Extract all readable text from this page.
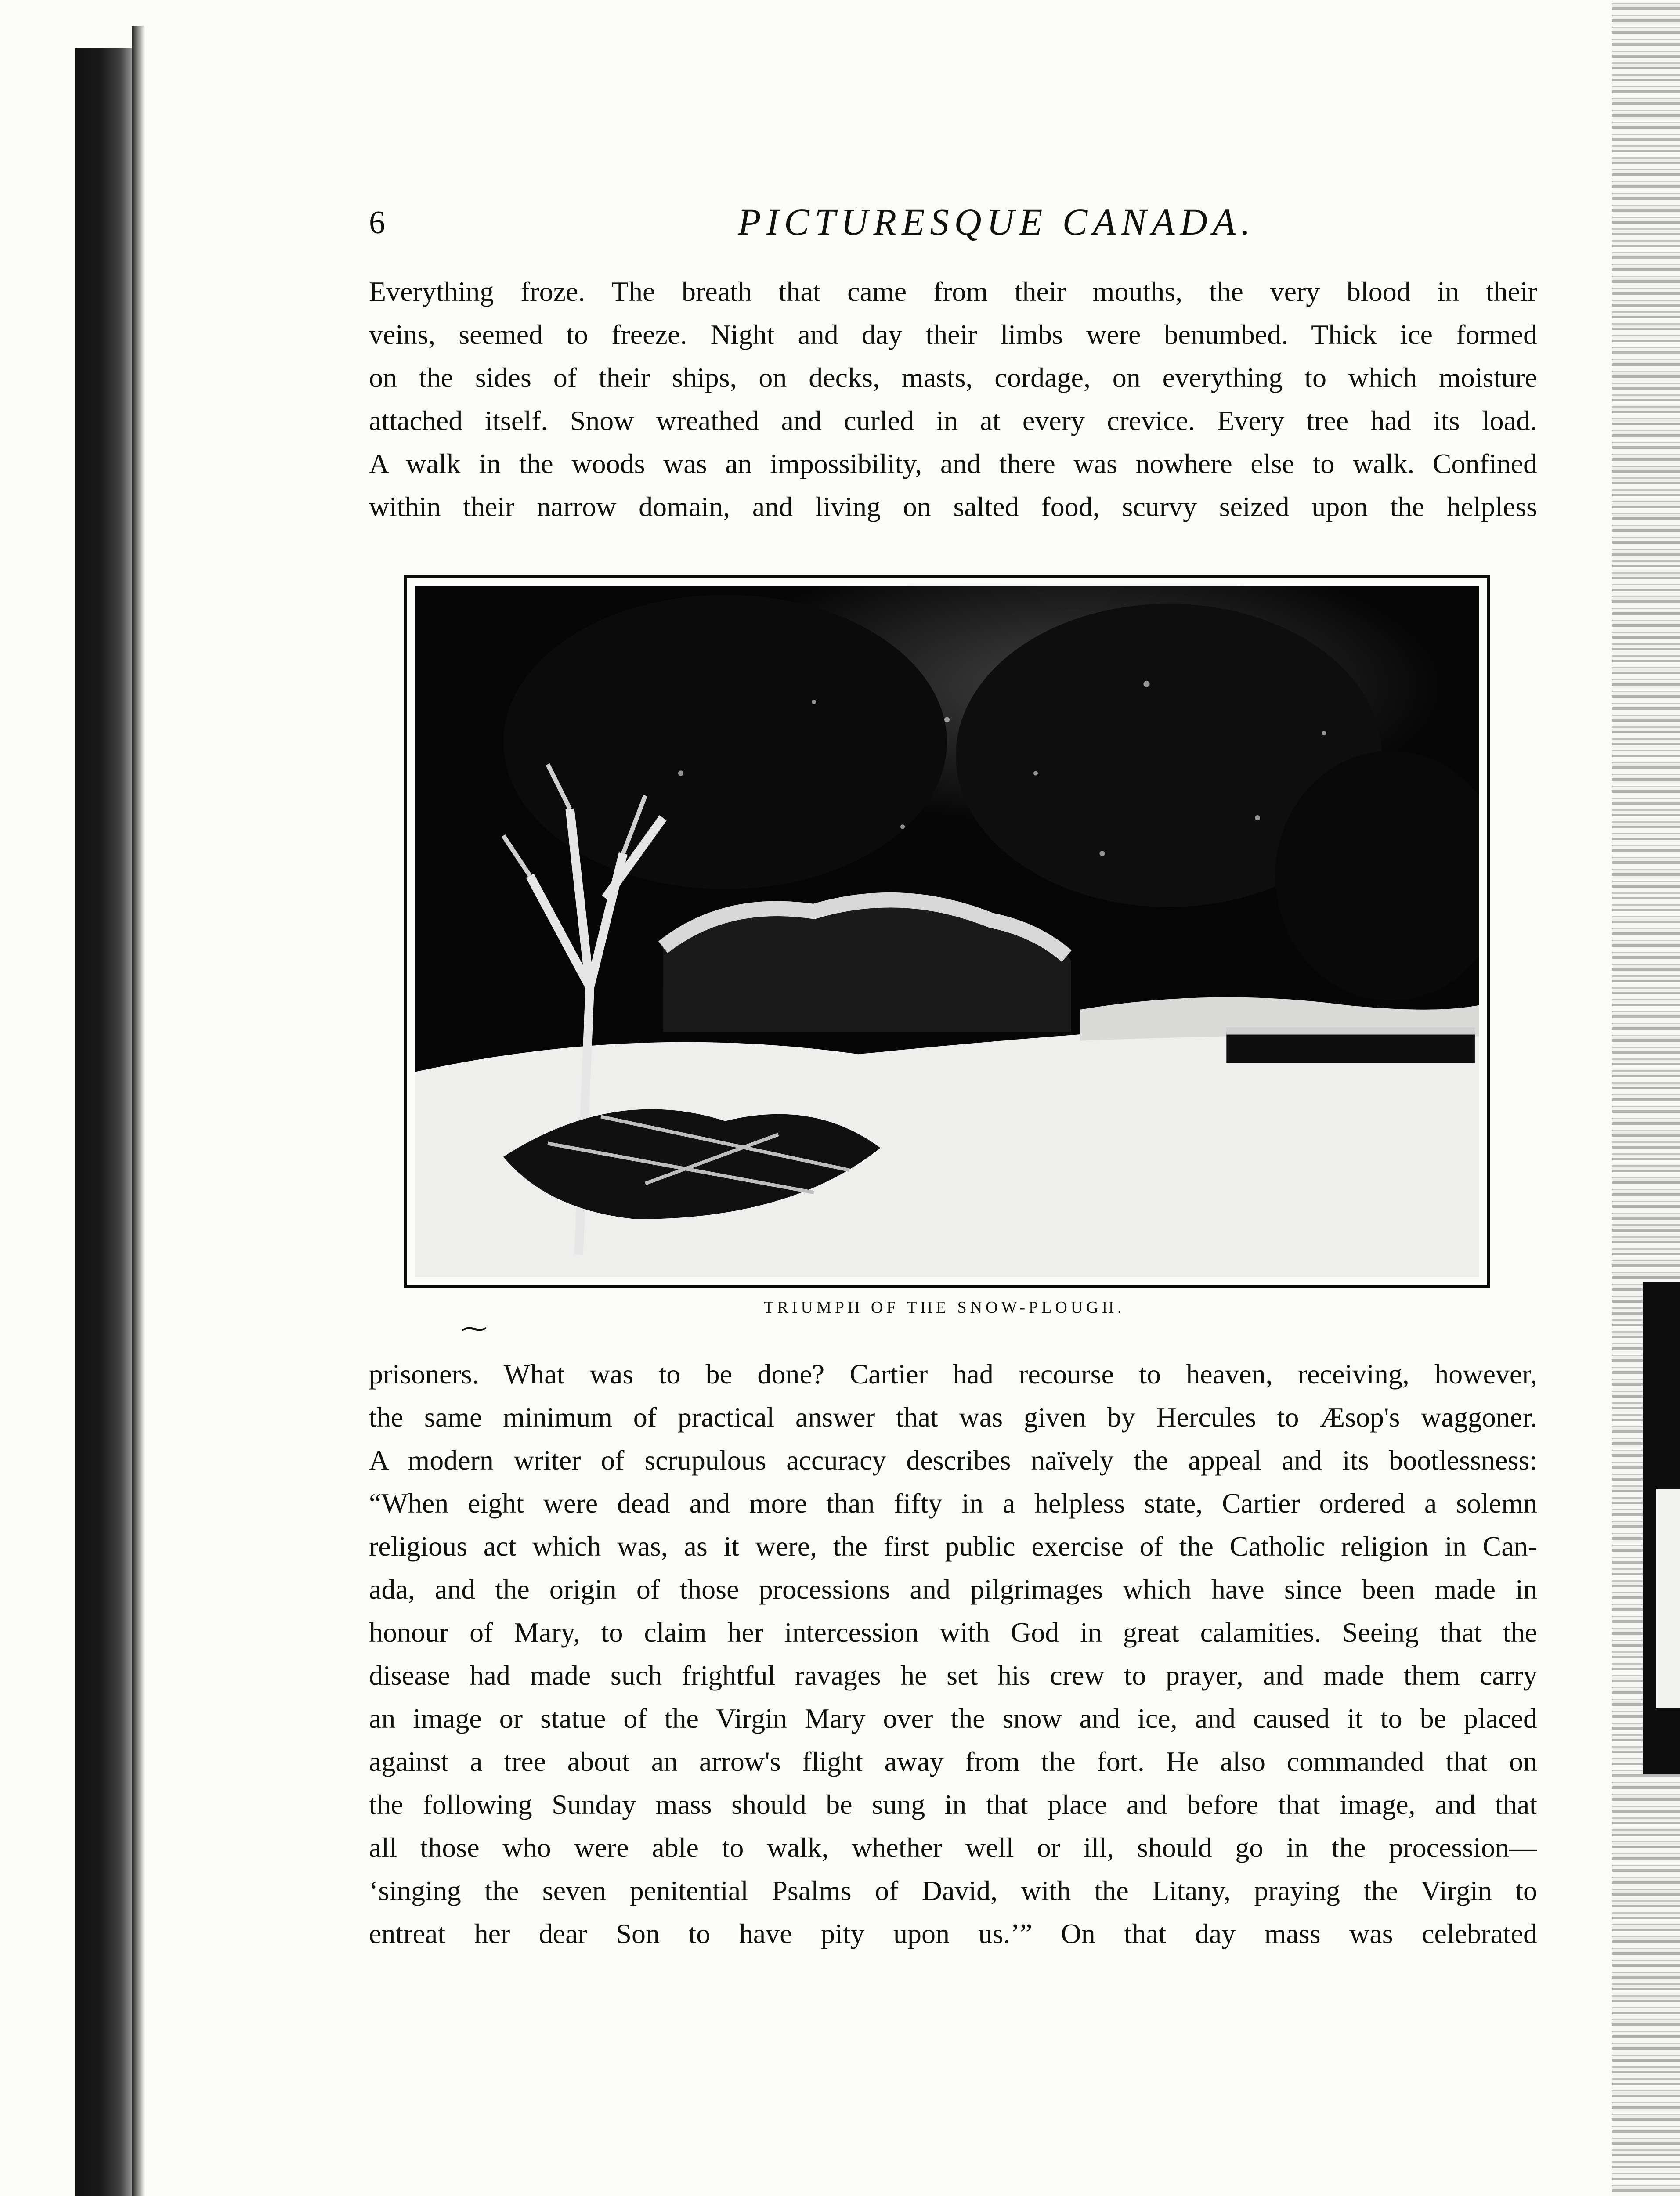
6	PICTURESQUE CANADA.
Everything froze. The breath that came from their mouths, the very blood in their
veins, seemed to freeze. Night and day their limbs were benumbed. Thick ice formed
on the sides of their ships, on decks, masts, cordage, on everything to which moisture
attached itself. Snow wreathed and curled in at every crevice. Every tree had its load.
A walk in the woods was an impossibility, and there was nowhere else to walk. Confined
within their narrow domain, and living on salted food, scurvy seized upon the helpless
⁓
TRIUMPH OF THE SNOW-PLOUGH.
prisoners. What was to be done? Cartier had recourse to heaven, receiving, however,
the same minimum of practical answer that was given by Hercules to Æsop's waggoner.
A modern writer of scrupulous accuracy describes naïvely the appeal and its bootlessness:
“When eight were dead and more than fifty in a helpless state, Cartier ordered a solemn
religious act which was, as it were, the first public exercise of the Catholic religion in Can-
ada, and the origin of those processions and pilgrimages which have since been made in
honour of Mary, to claim her intercession with God in great calamities. Seeing that the
disease had made such frightful ravages he set his crew to prayer, and made them carry
an image or statue of the Virgin Mary over the snow and ice, and caused it to be placed
against a tree about an arrow's flight away from the fort. He also commanded that on
the following Sunday mass should be sung in that place and before that image, and that
all those who were able to walk, whether well or ill, should go in the procession—
‘singing the seven penitential Psalms of David, with the Litany, praying the Virgin to
entreat her dear Son to have pity upon us.’” On that day mass was celebrated
